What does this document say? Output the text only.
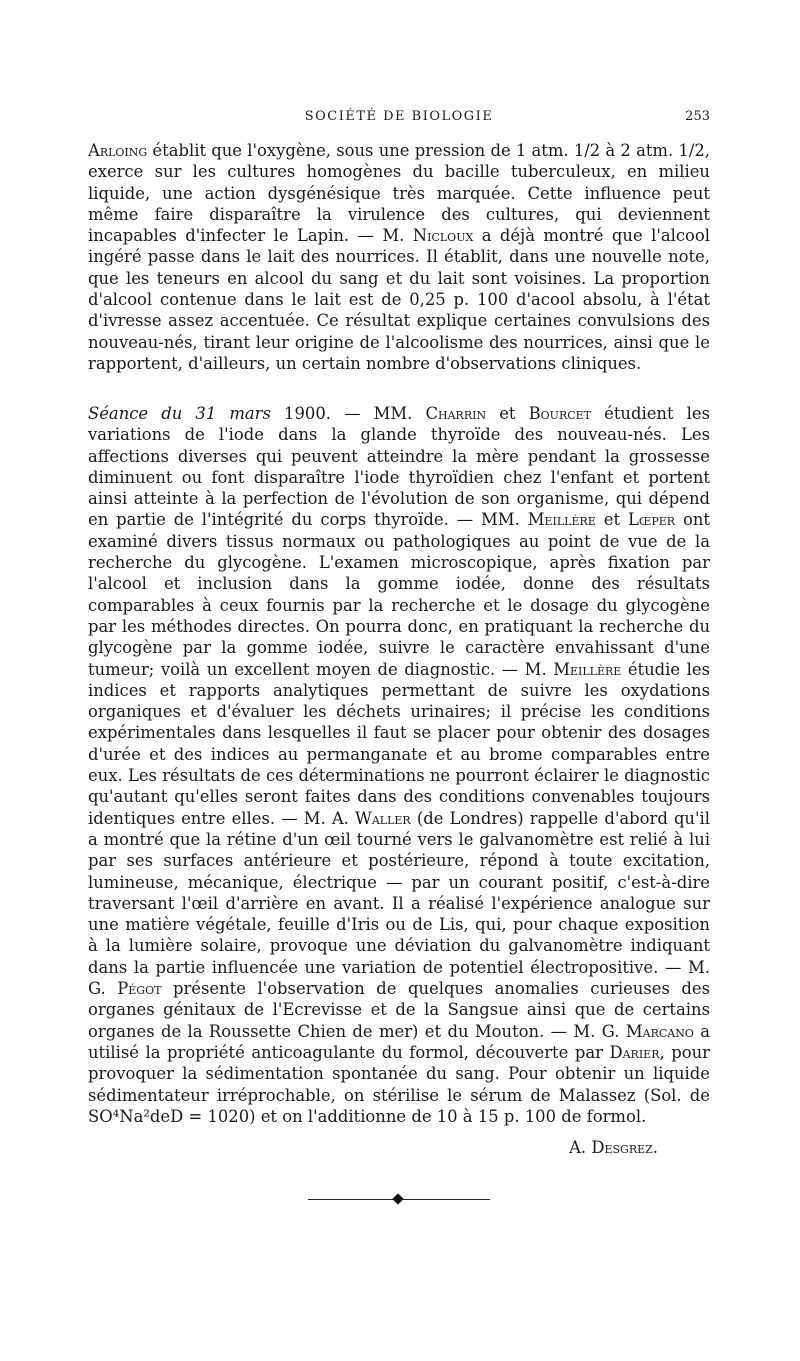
SOCIÉTÉ DE BIOLOGIE	253

Arloing établit que l'oxygène, sous une pression de 1 atm. 1/2 à 2 atm. 1/2, exerce sur les cultures homogènes du bacille tuberculeux, en milieu liquide, une action dysgénésique très marquée. Cette influence peut même faire disparaître la virulence des cultures, qui deviennent incapables d'infecter le Lapin. — M. Nicloux a déjà montré que l'alcool ingéré passe dans le lait des nourrices. Il établit, dans une nouvelle note, que les teneurs en alcool du sang et du lait sont voisines. La proportion d'alcool contenue dans le lait est de 0,25 p. 100 d'acool absolu, à l'état d'ivresse assez accentuée. Ce résultat explique certaines convulsions des nouveau-nés, tirant leur origine de l'alcoolisme des nourrices, ainsi que le rapportent, d'ailleurs, un certain nombre d'observations cliniques.

Séance du 31 mars 1900. — MM. Charrin et Bourcet étudient les variations de l'iode dans la glande thyroïde des nouveau-nés. Les affections diverses qui peuvent atteindre la mère pendant la grossesse diminuent ou font disparaître l'iode thyroïdien chez l'enfant et portent ainsi atteinte à la perfection de l'évolution de son organisme, qui dépend en partie de l'intégrité du corps thyroïde. — MM. Meillère et Lœper ont examiné divers tissus normaux ou pathologiques au point de vue de la recherche du glycogène. L'examen microscopique, après fixation par l'alcool et inclusion dans la gomme iodée, donne des résultats comparables à ceux fournis par la recherche et le dosage du glycogène par les méthodes directes. On pourra donc, en pratiquant la recherche du glycogène par la gomme iodée, suivre le caractère envahissant d'une tumeur; voilà un excellent moyen de diagnostic. — M. Meillère étudie les indices et rapports analytiques permettant de suivre les oxydations organiques et d'évaluer les déchets urinaires; il précise les conditions expérimentales dans lesquelles il faut se placer pour obtenir des dosages d'urée et des indices au permanganate et au brome comparables entre eux. Les résultats de ces déterminations ne pourront éclairer le diagnostic qu'autant qu'elles seront faites dans des conditions convenables toujours identiques entre elles. — M. A. Waller (de Londres) rappelle d'abord qu'il a montré que la rétine d'un œil tourné vers le galvanomètre est relié à lui par ses surfaces antérieure et postérieure, répond à toute excitation, lumineuse, mécanique, électrique — par un courant positif, c'est-à-dire traversant l'œil d'arrière en avant. Il a réalisé l'expérience analogue sur une matière végétale, feuille d'Iris ou de Lis, qui, pour chaque exposition à la lumière solaire, provoque une déviation du galvanomètre indiquant dans la partie influencée une variation de potentiel électropositive. — M. G. Pégot présente l'observation de quelques anomalies curieuses des organes génitaux de l'Ecrevisse et de la Sangsue ainsi que de certains organes de la Roussette Chien de mer) et du Mouton. — M. G. Marcano a utilisé la propriété anticoagulante du formol, découverte par Darier, pour provoquer la sédimentation spontanée du sang. Pour obtenir un liquide sédimentateur irréprochable, on stérilise le sérum de Malassez (Sol. de SO⁴Na²deD = 1020) et on l'additionne de 10 à 15 p. 100 de formol.

A. Desgrez.
